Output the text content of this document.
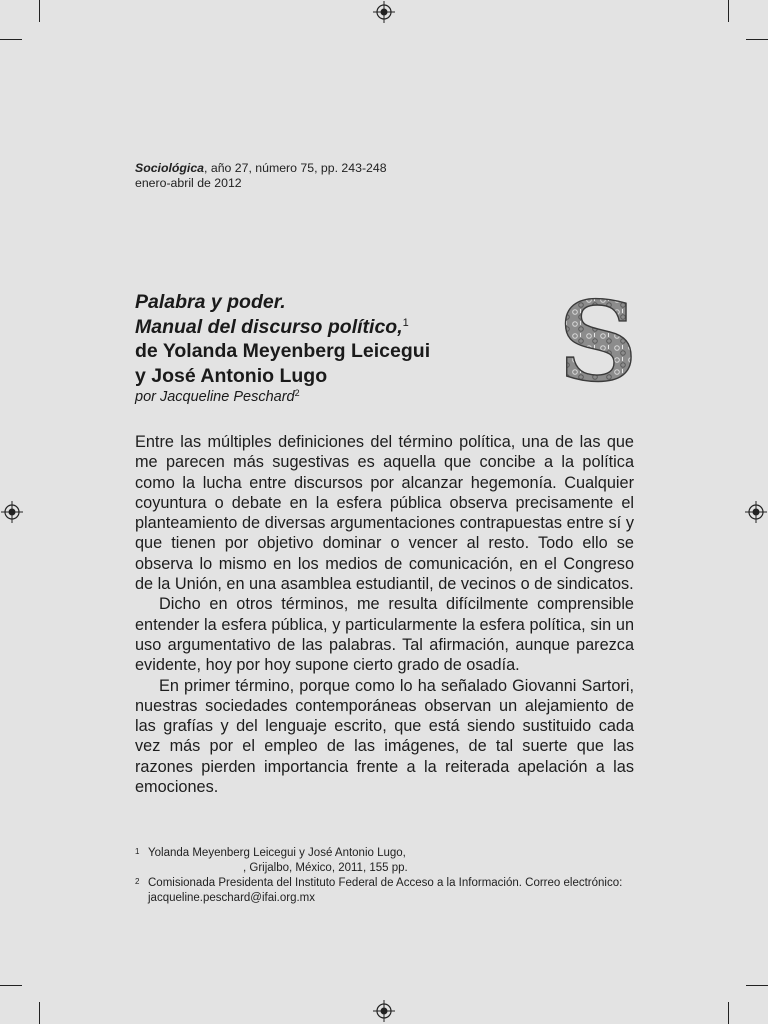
Sociológica, año 27, número 75, pp. 243-248
enero-abril de 2012
Palabra y poder.
Manual del discurso político,$^1$
de Yolanda Meyenberg Leicegui
y José Antonio Lugo
por Jacqueline Peschard$^2$	S

Entre las múltiples definiciones del término política, una de las que me parecen más sugestivas es aquella que concibe a la política como la lucha entre discursos por alcanzar hegemonía. Cualquier coyuntura o debate en la esfera pública observa precisamente el planteamiento de diversas argumentaciones contrapuestas entre sí y que tienen por objetivo dominar o vencer al resto. Todo ello se observa lo mismo en los medios de comunicación, en el Congreso de la Unión, en una asamblea estudiantil, de vecinos o de sindicatos.

Dicho en otros términos, me resulta difícilmente comprensible entender la esfera pública, y particularmente la esfera política, sin un uso argumentativo de las palabras. Tal afirmación, aunque parezca evidente, hoy por hoy supone cierto grado de osadía.

En primer término, porque como lo ha señalado Giovanni Sartori, nuestras sociedades contemporáneas observan un alejamiento de las grafías y del lenguaje escrito, que está siendo sustituido cada vez más por el empleo de las imágenes, de tal suerte que las razones pierden importancia frente a la reiterada apelación a las emociones.

1 Yolanda Meyenberg Leicegui y José Antonio Lugo,
, Grijalbo, México, 2011, 155 pp.
2 Comisionada Presidenta del Instituto Federal de Acceso a la Información. Correo electrónico: jacqueline.peschard@ifai.org.mx
